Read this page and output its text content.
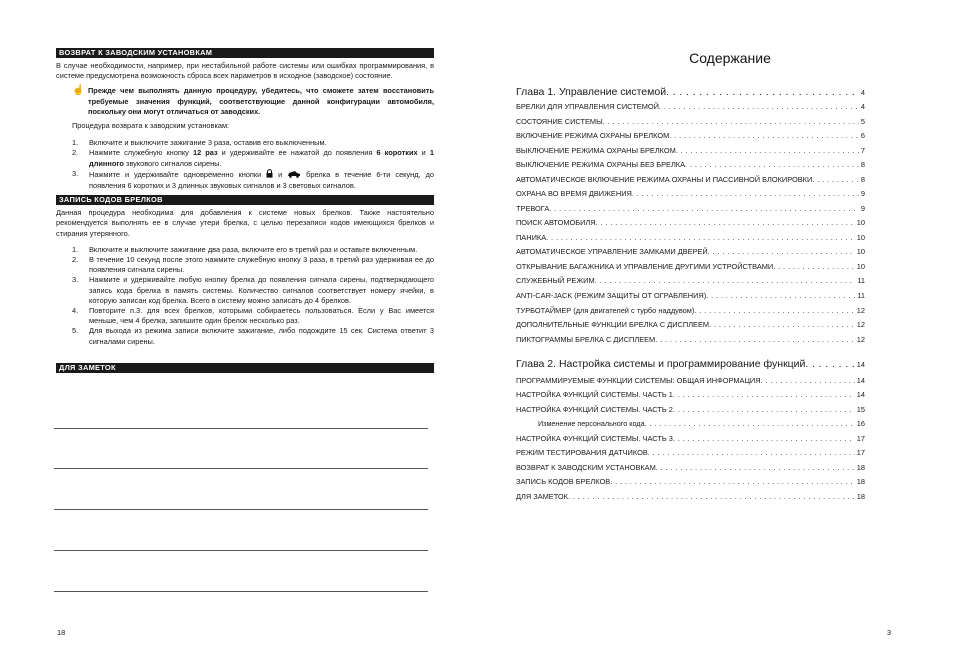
ВОЗВРАТ К ЗАВОДСКИМ УСТАНОВКАМ

В случае необходимости, например, при нестабильной работе системы или ошибках программирования, в системе предусмотрена возможность сброса всех параметров в исходное (заводское) состояние.

☝ Прежде чем выполнять данную процедуру, убедитесь, что сможете затем восстановить требуемые значения функций, соответствующие данной конфигурации автомобиля, поскольку они могут отличаться от заводских.

Процедура возврата к заводским установкам:

1. Включите и выключите зажигание 3 раза, оставив его выключенным.
2. Нажмите служебную кнопку 12 раз и удерживайте ее нажатой до появления 6 коротких и 1 длинного звукового сигналов сирены.
3. Нажмите и удерживайте одновременно кнопки  и  брелка в течение 6-ти секунд, до появления 6 коротких и 3 длинных звуковых сигналов и 3 световых сигналов.
ЗАПИСЬ КОДОВ БРЕЛКОВ

Данная процедура необходима для добавления к системе новых брелков. Также настоятельно рекомендуется выполнять ее в случае утери брелка, с целью перезаписи кодов имеющихся брелков и стирания утерянного.

1. Включите и выключите зажигание два раза, включите его в третий раз и оставьте включенным.
2. В течение 10 секунд после этого нажмите служебную кнопку 3 раза, в третий раз удерживая ее до появления сигнала сирены.
3. Нажмите и удерживайте любую кнопку брелка до появления сигнала сирены, подтверждающего запись кода брелка в память системы. Количество сигналов соответствует номеру ячейки, в которую записан код брелка. Всего в систему можно записать до 4 брелков.
4. Повторите п.3. для всех брелков, которыми собираетесь пользоваться. Если у Вас имеется меньше, чем 4 брелка, запишите один брелок несколько раз.
5. Для выхода из режима записи включите зажигание, либо подождите 15 сек. Система ответит 3 сигналами сирены.
ДЛЯ ЗАМЕТОК
18
Содержание
Глава 1. Управление системой . . .	4
БРЕЛКИ ДЛЯ УПРАВЛЕНИЯ СИСТЕМОЙ . . .	4
СОСТОЯНИЕ СИСТЕМЫ . . .	5
ВКЛЮЧЕНИЕ РЕЖИМА ОХРАНЫ БРЕЛКОМ . . .	6
ВЫКЛЮЧЕНИЕ РЕЖИМА ОХРАНЫ БРЕЛКОМ . . .	7
ВЫКЛЮЧЕНИЕ РЕЖИМА ОХРАНЫ БЕЗ БРЕЛКА . . .	8
АВТОМАТИЧЕСКОЕ ВКЛЮЧЕНИЕ РЕЖИМА ОХРАНЫ И ПАССИВНОЙ БЛОКИРОВКИ . . .	8
ОХРАНА ВО ВРЕМЯ ДВИЖЕНИЯ . . .	9
ТРЕВОГА . . .	9
ПОИСК АВТОМОБИЛЯ . . .	10
ПАНИКА . . .	10
АВТОМАТИЧЕСКОЕ УПРАВЛЕНИЕ ЗАМКАМИ ДВЕРЕЙ . . .	10
ОТКРЫВАНИЕ БАГАЖНИКА И УПРАВЛЕНИЕ ДРУГИМИ УСТРОЙСТВАМИ . . .	10
СЛУЖЕБНЫЙ РЕЖИМ . . .	11
ANTI-CAR-JACK (РЕЖИМ ЗАЩИТЫ ОТ ОГРАБЛЕНИЯ) . . .	11
ТУРБОТАЙМЕР (для двигателей с турбо наддувом) . . .	12
ДОПОЛНИТЕЛЬНЫЕ ФУНКЦИИ БРЕЛКА С ДИСПЛЕЕМ . . .	12
ПИКТОГРАММЫ БРЕЛКА С ДИСПЛЕЕМ . . .	12
Глава 2. Настройка системы и программирование функций . . .	14
ПРОГРАММИРУЕМЫЕ ФУНКЦИИ СИСТЕМЫ: ОБЩАЯ ИНФОРМАЦИЯ . . .	14
НАСТРОЙКА ФУНКЦИЙ СИСТЕМЫ. ЧАСТЬ 1 . . .	14
НАСТРОЙКА ФУНКЦИЙ СИСТЕМЫ. ЧАСТЬ 2 . . .	15
Изменение персонального кода . . .	16
НАСТРОЙКА ФУНКЦИЙ СИСТЕМЫ. ЧАСТЬ 3 . . .	17
РЕЖИМ ТЕСТИРОВАНИЯ ДАТЧИКОВ . . .	17
ВОЗВРАТ К ЗАВОДСКИМ УСТАНОВКАМ . . .	18
ЗАПИСЬ КОДОВ БРЕЛКОВ . . .	18
ДЛЯ ЗАМЕТОК . . .	18
3
